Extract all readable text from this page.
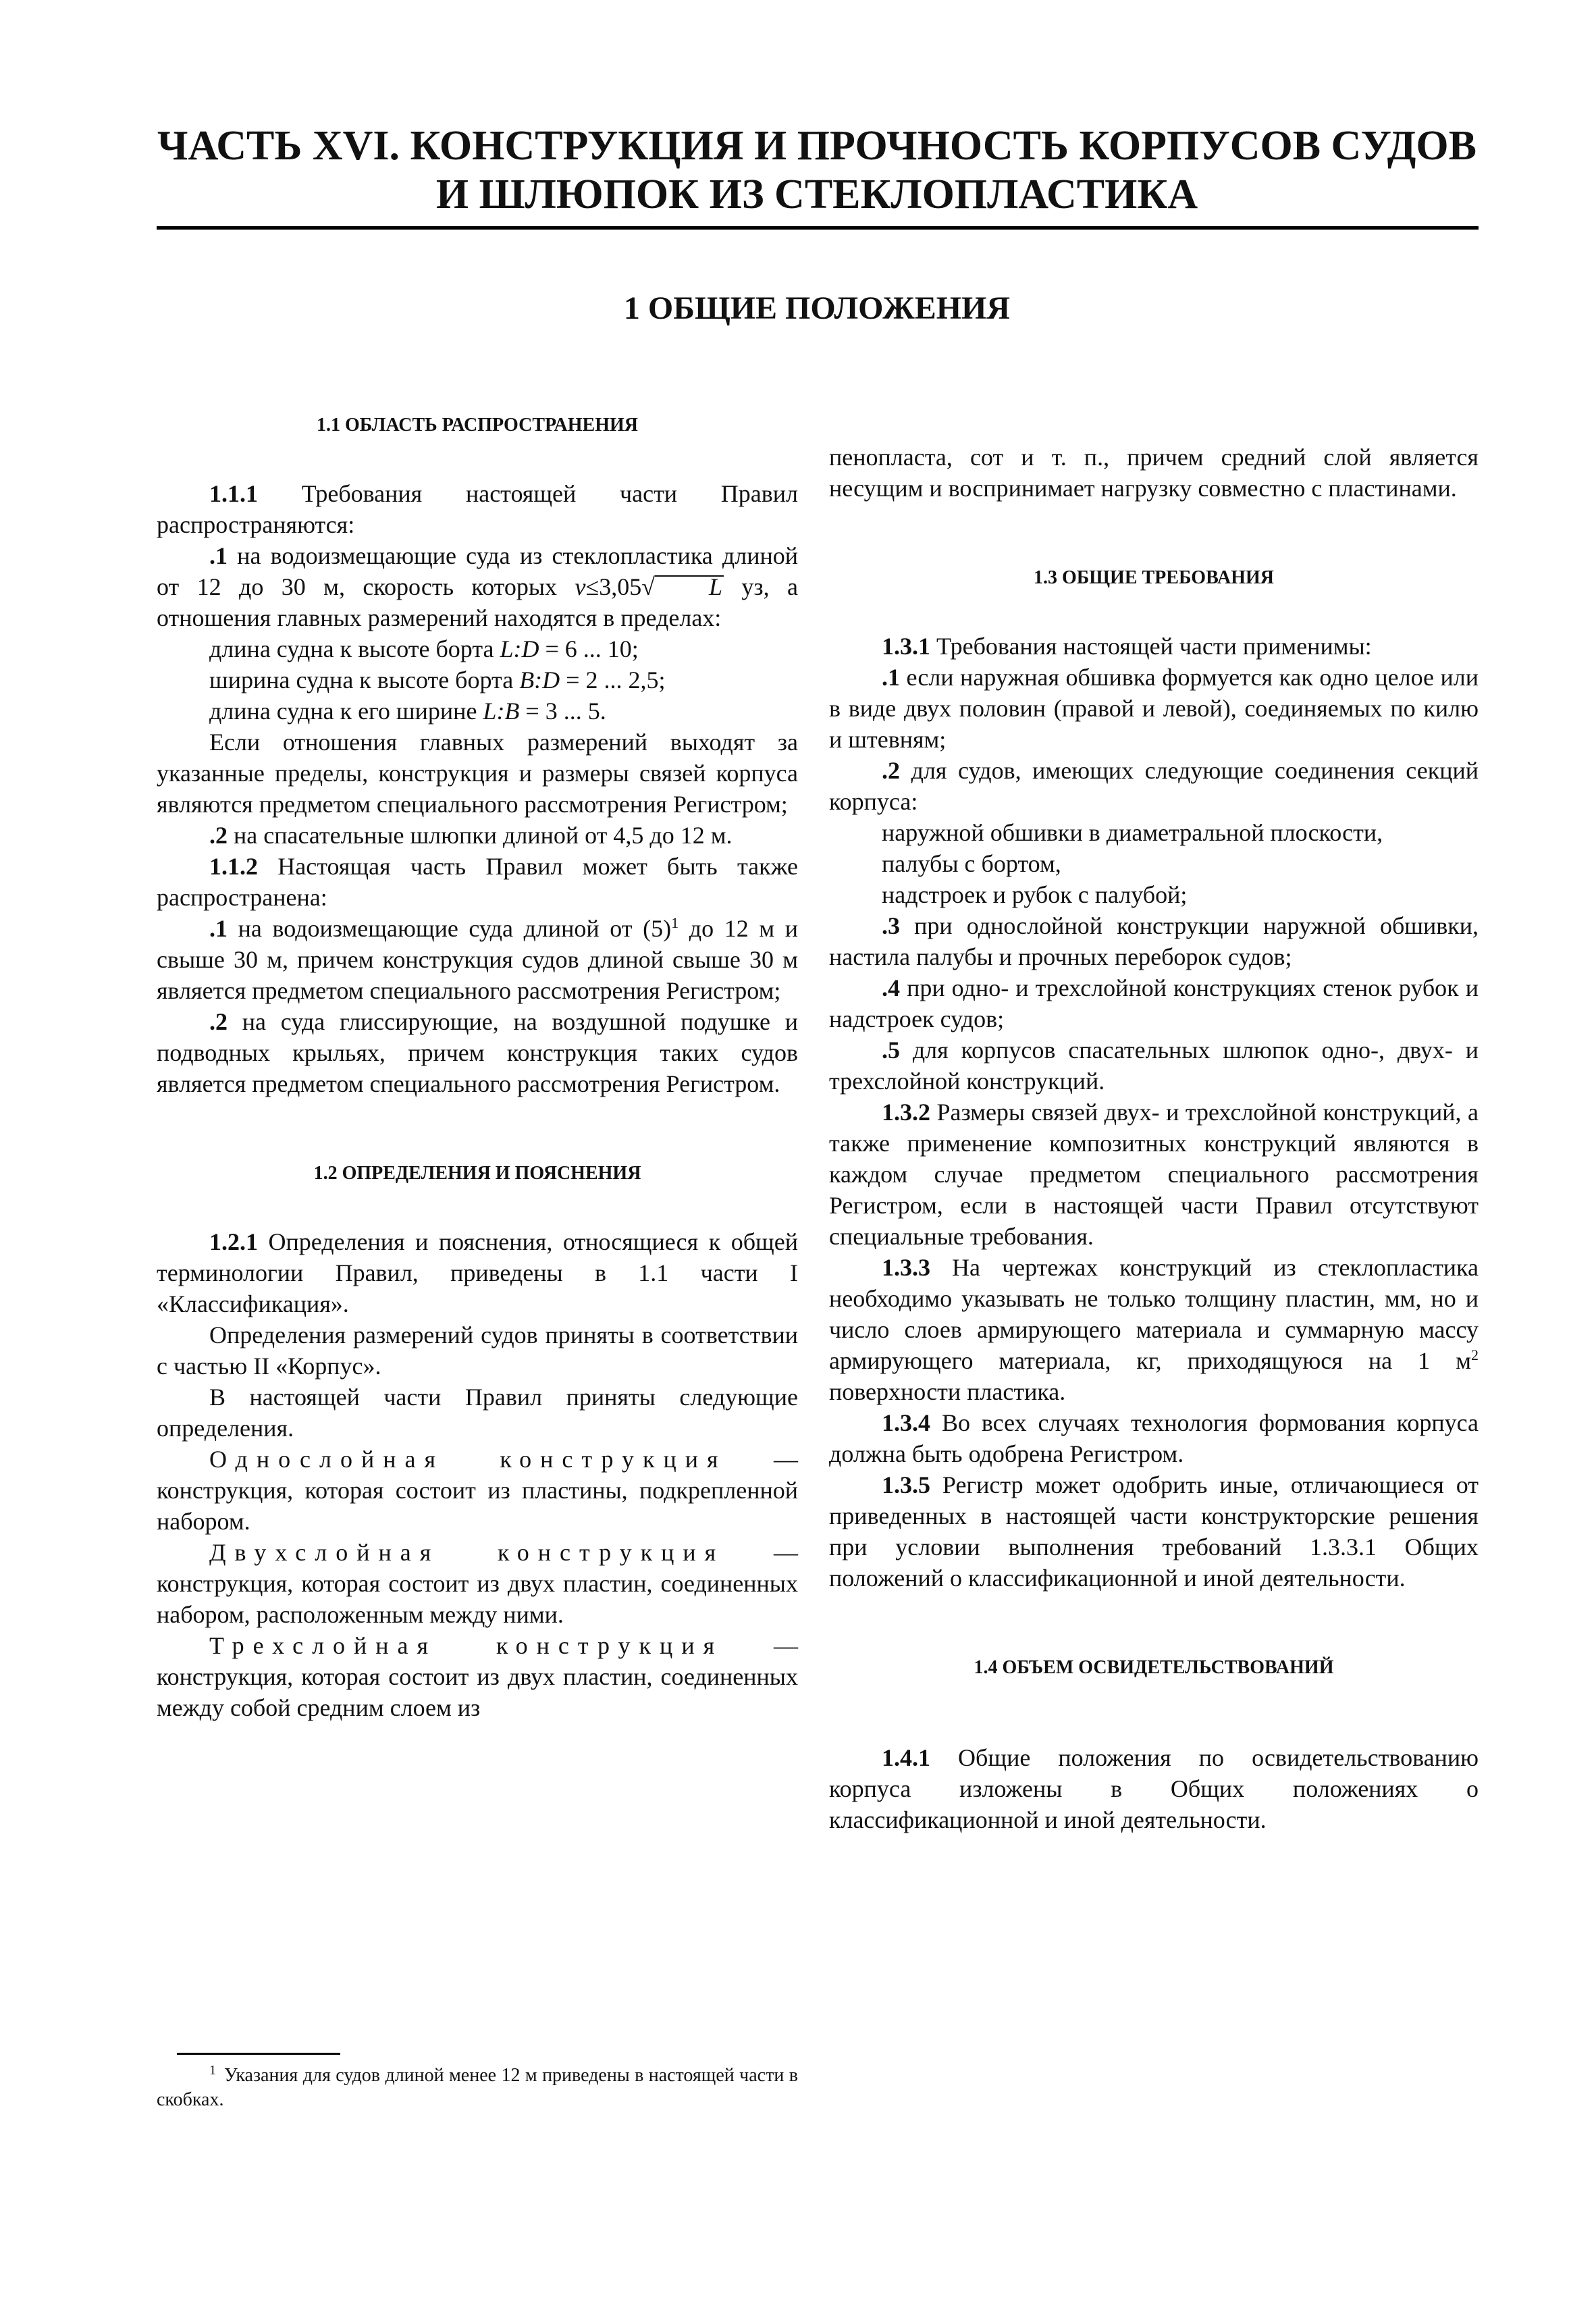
ЧАСТЬ XVI. КОНСТРУКЦИЯ И ПРОЧНОСТЬ КОРПУСОВ СУДОВ
И ШЛЮПОК ИЗ СТЕКЛОПЛАСТИКА
1 ОБЩИЕ ПОЛОЖЕНИЯ

1.1 ОБЛАСТЬ РАСПРОСТРАНЕНИЯ

1.1.1 Требования настоящей части Правил распространяются:

.1 на водоизмещающие суда из стеклопластика длиной от 12 до 30 м, скорость которых v≤3,05√ L уз, а отношения главных размерений находятся в пределах:

длина судна к высоте борта L:D = 6 ... 10;

ширина судна к высоте борта B:D = 2 ... 2,5;

длина судна к его ширине L:B = 3 ... 5.

Если отношения главных размерений выходят за указанные пределы, конструкция и размеры связей корпуса являются предметом специального рассмотрения Регистром;

.2 на спасательные шлюпки длиной от 4,5 до 12 м.

1.1.2 Настоящая часть Правил может быть также распространена:

.1 на водоизмещающие суда длиной от $(5)^1$ до 12 м и свыше 30 м, причем конструкция судов длиной свыше 30 м является предметом специального рассмотрения Регистром;

.2 на суда глиссирующие, на воздушной подушке и подводных крыльях, причем конструкция таких судов является предметом специального рассмотрения Регистром.

1.2 ОПРЕДЕЛЕНИЯ И ПОЯСНЕНИЯ

1.2.1 Определения и пояснения, относящиеся к общей терминологии Правил, приведены в 1.1 части I «Классификация».

Определения размерений судов приняты в соответствии с частью II «Корпус».

В настоящей части Правил приняты следующие определения.

Однослойная конструкция — конструкция, которая состоит из пластины, подкрепленной набором.

Двухслойная конструкция — конструкция, которая состоит из двух пластин, соединенных набором, расположенным между ними.

Трехслойная конструкция — конструкция, которая состоит из двух пластин, соединенных между собой средним слоем из

$^1$ Указания для судов длиной менее 12 м приведены в настоящей части в скобках.

пенопласта, сот и т. п., причем средний слой является несущим и воспринимает нагрузку совместно с пластинами.

1.3 ОБЩИЕ ТРЕБОВАНИЯ

1.3.1 Требования настоящей части применимы:

.1 если наружная обшивка формуется как одно целое или в виде двух половин (правой и левой), соединяемых по килю и штевням;

.2 для судов, имеющих следующие соединения секций корпуса:

наружной обшивки в диаметральной плоскости,

палубы с бортом,

надстроек и рубок с палубой;

.3 при однослойной конструкции наружной обшивки, настила палубы и прочных переборок судов;

.4 при одно- и трехслойной конструкциях стенок рубок и надстроек судов;

.5 для корпусов спасательных шлюпок одно-, двух- и трехслойной конструкций.

1.3.2 Размеры связей двух- и трехслойной конструкций, а также применение композитных конструкций являются в каждом случае предметом специального рассмотрения Регистром, если в настоящей части Правил отсутствуют специальные требования.

1.3.3 На чертежах конструкций из стеклопластика необходимо указывать не только толщину пластин, мм, но и число слоев армирующего материала и суммарную массу армирующего материала, кг, приходящуюся на 1 $м^2$ поверхности пластика.

1.3.4 Во всех случаях технология формования корпуса должна быть одобрена Регистром.

1.3.5 Регистр может одобрить иные, отличающиеся от приведенных в настоящей части конструкторские решения при условии выполнения требований 1.3.3.1 Общих положений о классификационной и иной деятельности.

1.4 ОБЪЕМ ОСВИДЕТЕЛЬСТВОВАНИЙ

1.4.1 Общие положения по освидетельствованию корпуса изложены в Общих положениях о классификационной и иной деятельности.
